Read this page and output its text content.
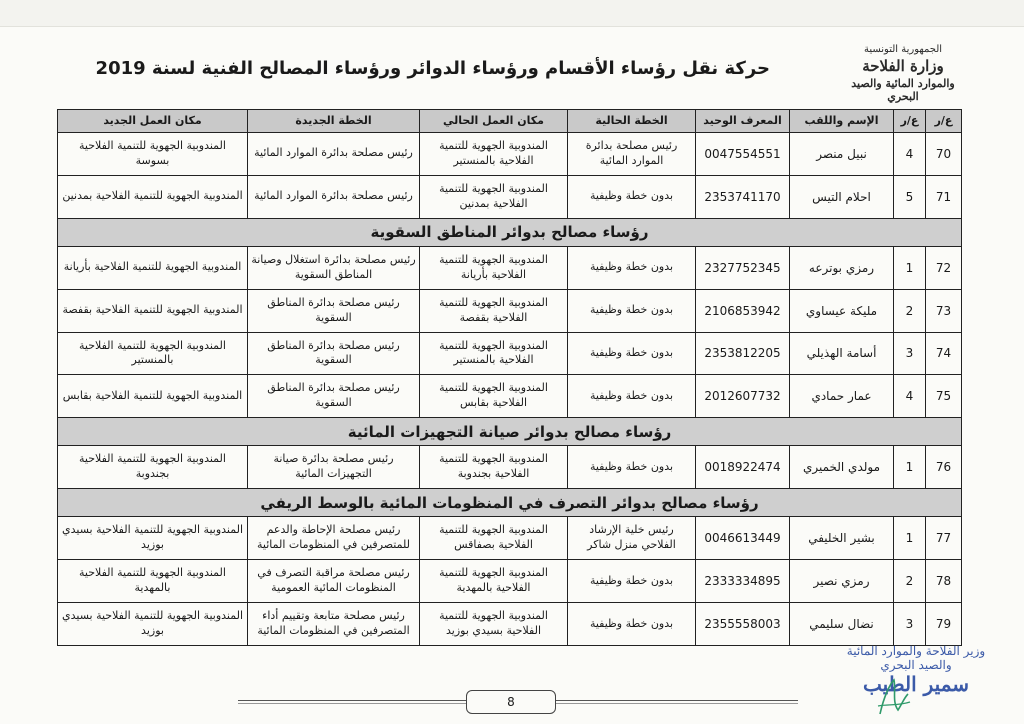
الجمهورية التونسية
وزارة الفلاحة
والموارد المائية والصيد البحري
حركة نقل رؤساء الأقسام ورؤساء الدوائر ورؤساء المصالح الفنية لسنة 2019
ع/ر	ع/ر	الإسم واللقب	المعرف الوحيد	الخطة الحالية	مكان العمل الحالي	الخطة الجديدة	مكان العمل الجديد
70	4	نبيل منصر	0047554551	رئيس مصلحة بدائرة الموارد المائية	المندوبية الجهوية للتنمية الفلاحية بالمنستير	رئيس مصلحة بدائرة الموارد المائية	المندوبية الجهوية للتنمية الفلاحية بسوسة
71	5	احلام التيس	2353741170	بدون خطة وظيفية	المندوبية الجهوية للتنمية الفلاحية بمدنين	رئيس مصلحة بدائرة الموارد المائية	المندوبية الجهوية للتنمية الفلاحية بمدنين
رؤساء مصالح بدوائر المناطق السقوية							
72	1	رمزي بوترعه	2327752345	بدون خطة وظيفية	المندوبية الجهوية للتنمية الفلاحية بأريانة	رئيس مصلحة بدائرة استغلال وصيانة المناطق السقوية	المندوبية الجهوية للتنمية الفلاحية بأريانة
73	2	مليكة عيساوي	2106853942	بدون خطة وظيفية	المندوبية الجهوية للتنمية الفلاحية بقفصة	رئيس مصلحة بدائرة المناطق السقوية	المندوبية الجهوية للتنمية الفلاحية بقفصة
74	3	أسامة الهذيلي	2353812205	بدون خطة وظيفية	المندوبية الجهوية للتنمية الفلاحية بالمنستير	رئيس مصلحة بدائرة المناطق السقوية	المندوبية الجهوية للتنمية الفلاحية بالمنستير
75	4	عمار حمادي	2012607732	بدون خطة وظيفية	المندوبية الجهوية للتنمية الفلاحية بقابس	رئيس مصلحة بدائرة المناطق السقوية	المندوبية الجهوية للتنمية الفلاحية بقابس
رؤساء مصالح بدوائر صيانة التجهيزات المائية							
76	1	مولدي الخميري	0018922474	بدون خطة وظيفية	المندوبية الجهوية للتنمية الفلاحية بجندوبة	رئيس مصلحة بدائرة صيانة التجهيزات المائية	المندوبية الجهوية للتنمية الفلاحية بجندوبة
رؤساء مصالح بدوائر التصرف في المنظومات المائية بالوسط الريفي							
77	1	بشير الخليفي	0046613449	رئيس خلية الإرشاد الفلاحي منزل شاكر	المندوبية الجهوية للتنمية الفلاحية بصفاقس	رئيس مصلحة الإحاطة والدعم للمتصرفين في المنظومات المائية	المندوبية الجهوية للتنمية الفلاحية بسيدي بوزيد
78	2	رمزي نصير	2333334895	بدون خطة وظيفية	المندوبية الجهوية للتنمية الفلاحية بالمهدية	رئيس مصلحة مراقبة التصرف في المنظومات المائية العمومية	المندوبية الجهوية للتنمية الفلاحية بالمهدية
79	3	نضال سليمي	2355558003	بدون خطة وظيفية	المندوبية الجهوية للتنمية الفلاحية بسيدي بوزيد	رئيس مصلحة متابعة وتقييم أداء المتصرفين في المنظومات المائية	المندوبية الجهوية للتنمية الفلاحية بسيدي بوزيد
8
وزير الفلاحة والموارد المائية
والصيد البحري
سمير الطيب
